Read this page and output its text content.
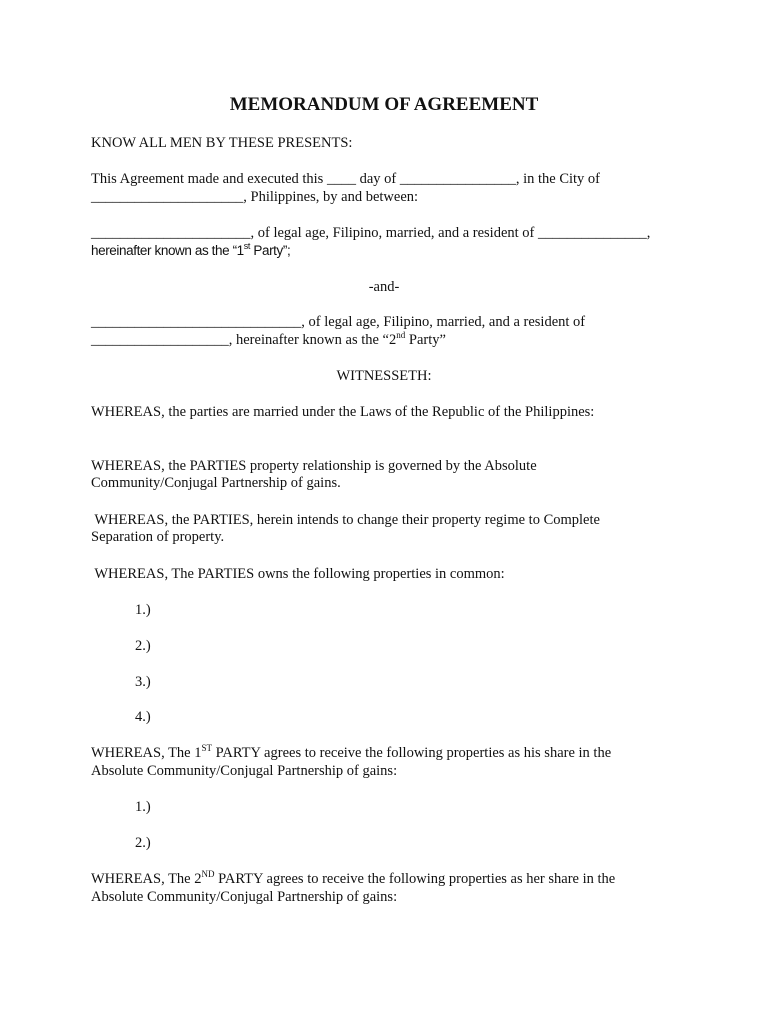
MEMORANDUM OF AGREEMENT
KNOW ALL MEN BY THESE PRESENTS:
This Agreement made and executed this ____ day of ________________, in the City of
_____________________, Philippines, by and between:
______________________, of legal age, Filipino, married, and a resident of _______________,
hereinafter known as the “1st Party”;
-and-
_____________________________, of legal age, Filipino, married, and a resident of
___________________, hereinafter known as the “2nd Party”
WITNESSETH:
WHEREAS, the parties are married under the Laws of the Republic of the Philippines:
WHEREAS, the PARTIES property relationship is governed by the Absolute
Community/Conjugal Partnership of gains.
WHEREAS, the PARTIES, herein intends to change their property regime to Complete
Separation of property.
WHEREAS, The PARTIES owns the following properties in common:
1.)
2.)
3.)
4.)
WHEREAS, The 1ST PARTY agrees to receive the following properties as his share in the
Absolute Community/Conjugal Partnership of gains:
1.)
2.)
WHEREAS, The 2ND PARTY agrees to receive the following properties as her share in the
Absolute Community/Conjugal Partnership of gains:
